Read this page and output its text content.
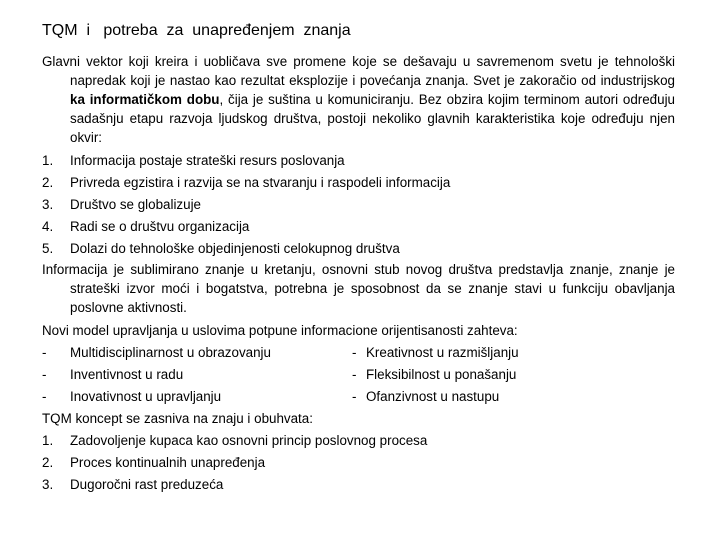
TQM  i   potreba  za  unapređenjem  znanja

Glavni vektor koji kreira i uobličava sve promene koje se dešavaju u savremenom svetu je tehnološki napredak koji je nastao kao rezultat eksplozije i povećanja znanja. Svet je zakoračio od industrijskog ka informatičkom dobu, čija je suština u komuniciranju. Bez obzira kojim terminom autori određuju sadašnju etapu razvoja ljudskog društva, postoji nekoliko glavnih karakteristika koje određuju njen okvir:

1.	Informacija postaje strateški resurs poslovanja
2.	Privreda egzistira i razvija se na stvaranju i raspodeli informacija
3.	Društvo se globalizuje
4.	Radi se o društvu organizacija
5.	Dolazi do tehnološke objedinjenosti celokupnog društva

Informacija je sublimirano znanje u kretanju, osnovni stub novog društva predstavlja znanje, znanje je strateški izvor moći i bogatstva, potrebna je sposobnost da se znanje stavi u funkciju obavljanja poslovne aktivnosti.

Novi model upravljanja u uslovima potpune informacione orijentisanosti zahteva:
-	Multidisciplinarnost u obrazovanju	- Kreativnost u razmišljanju
-	Inventivnost u radu	- Fleksibilnost u ponašanju
-	Inovativnost u upravljanju	- Ofanzivnost u nastupu
TQM koncept se zasniva na znaju i obuhvata:
1.	Zadovoljenje kupaca kao osnovni princip poslovnog procesa
2.	Proces kontinualnih unapređenja
3.	Dugoročni rast preduzeća
